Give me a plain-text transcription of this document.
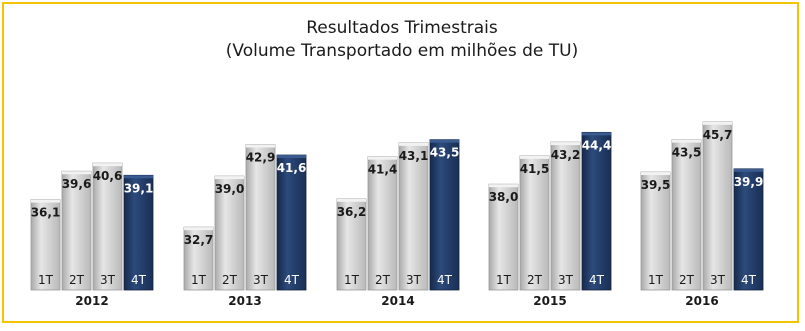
Resultados Trimestrais
(Volume Transportado em milhões de TU)
36,1
1T
39,6
2T
40,6
3T
39,1
4T
2012
32,7
1T
39,0
2T
42,9
3T
41,6
4T
2013
36,2
1T
41,4
2T
43,1
3T
43,5
4T
2014
38,0
1T
41,5
2T
43,2
3T
44,4
4T
2015
39,5
1T
43,5
2T
45,7
3T
39,9
4T
2016
